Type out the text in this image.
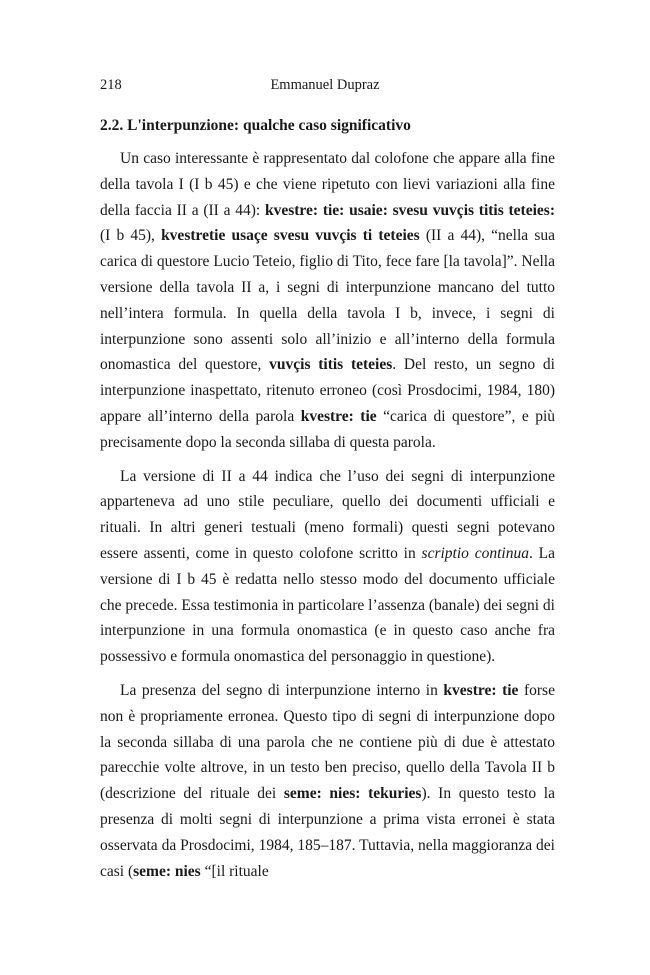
218	Emmanuel Dupraz
2.2. L'interpunzione: qualche caso significativo

Un caso interessante è rappresentato dal colofone che appare alla fine della tavola I (I b 45) e che viene ripetuto con lievi variazioni alla fine della faccia II a (II a 44): kvestre: tie: usaie: svesu vuvçis titis teteies: (I b 45), kvestretie usaçe svesu vuvçis ti teteies (II a 44), “nella sua carica di questore Lucio Teteio, figlio di Tito, fece fare [la tavola]”. Nella versione della tavola II a, i segni di interpunzione mancano del tutto nell’intera formula. In quella della tavola I b, invece, i segni di interpunzione sono assenti solo all’inizio e all’interno della formula onomastica del questore, vuvçis titis teteies. Del resto, un segno di interpunzione inaspettato, ritenuto erroneo (così Prosdocimi, 1984, 180) appare all’interno della parola kvestre: tie “carica di questore”, e più precisamente dopo la seconda sillaba di questa parola.

La versione di II a 44 indica che l’uso dei segni di interpunzione apparteneva ad uno stile peculiare, quello dei documenti ufficiali e rituali. In altri generi testuali (meno formali) questi segni potevano essere assenti, come in questo colofone scritto in scriptio continua. La versione di I b 45 è redatta nello stesso modo del documento ufficiale che precede. Essa testimonia in particolare l’assenza (banale) dei segni di interpunzione in una formula onomastica (e in questo caso anche fra possessivo e formula onomastica del personaggio in questione).

La presenza del segno di interpunzione interno in kvestre: tie forse non è propriamente erronea. Questo tipo di segni di interpunzione dopo la seconda sillaba di una parola che ne contiene più di due è attestato parecchie volte altrove, in un testo ben preciso, quello della Tavola II b (descrizione del rituale dei seme: nies: tekuries). In questo testo la presenza di molti segni di interpunzione a prima vista erronei è stata osservata da Prosdocimi, 1984, 185–187. Tuttavia, nella maggioranza dei casi (seme: nies “[il rituale
